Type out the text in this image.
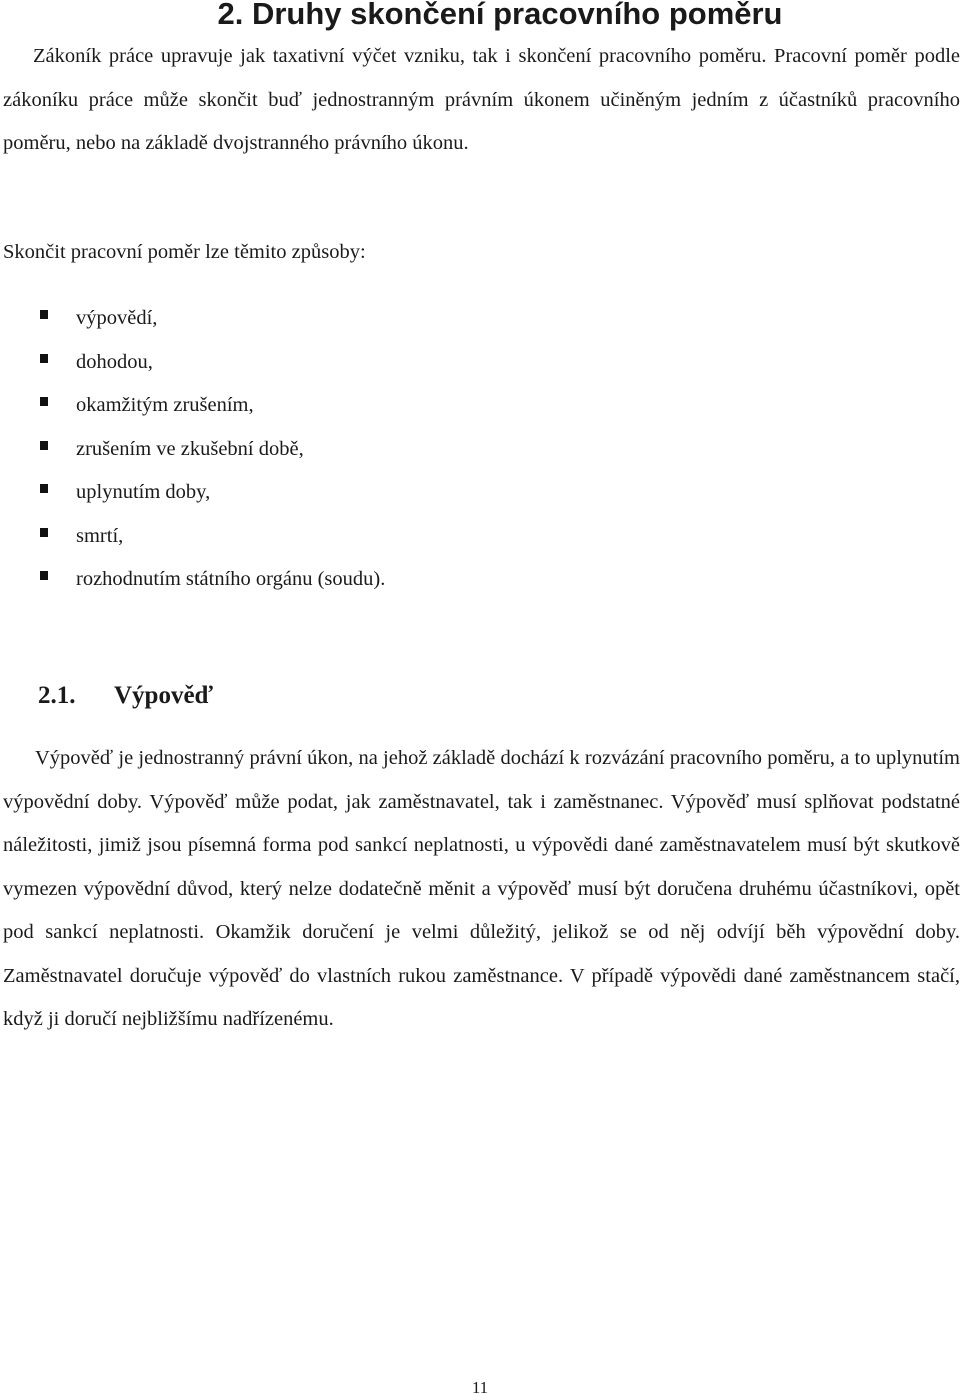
2. Druhy skončení pracovního poměru

Zákoník práce upravuje jak taxativní výčet vzniku, tak i skončení pracovního poměru. Pracovní poměr podle zákoníku práce může skončit buď jednostranným právním úkonem učiněným jedním z účastníků pracovního poměru, nebo na základě dvojstranného právního úkonu.

Skončit pracovní poměr lze těmito způsoby:

výpovědí,
dohodou,
okamžitým zrušením,
zrušením ve zkušební době,
uplynutím doby,
smrtí,
rozhodnutím státního orgánu (soudu).
2.1. Výpověď

Výpověď je jednostranný právní úkon, na jehož základě dochází k rozvázání pracovního poměru, a to uplynutím výpovědní doby. Výpověď může podat, jak zaměstnavatel, tak i zaměstnanec. Výpověď musí splňovat podstatné náležitosti, jimiž jsou písemná forma pod sankcí neplatnosti, u výpovědi dané zaměstnavatelem musí být skutkově vymezen výpovědní důvod, který nelze dodatečně měnit a výpověď musí být doručena druhému účastníkovi, opět pod sankcí neplatnosti. Okamžik doručení je velmi důležitý, jelikož se od něj odvíjí běh výpovědní doby. Zaměstnavatel doručuje výpověď do vlastních rukou zaměstnance. V případě výpovědi dané zaměstnancem stačí, když ji doručí nejbližšímu nadřízenému.

11
